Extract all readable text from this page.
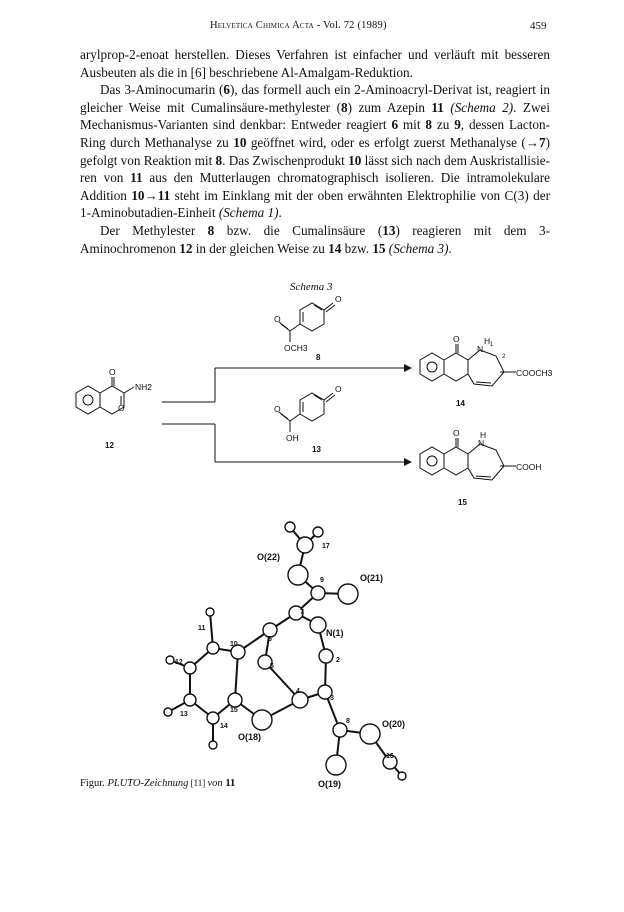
Helvetica Chimica Acta - Vol. 72 (1989)	459

arylprop-2-enoat herstellen. Dieses Verfahren ist einfacher und verläuft mit besseren Ausbeuten als die in [6] beschriebene Al-Amalgam-Reduktion.

Das 3-Aminocumarin (6), das formell auch ein 2-Aminoacryl-Derivat ist, reagiert in gleicher Weise mit Cumalinsäure-methylester (8) zum Azepin 11 (Schema 2). Zwei Mechanismus-Varianten sind denkbar: Entweder reagiert 6 mit 8 zu 9, dessen Lacton-Ring durch Methanalyse zu 10 geöffnet wird, oder es erfolgt zuerst Methanalyse (→7) gefolgt von Reaktion mit 8. Das Zwischenprodukt 10 lässt sich nach dem Auskristallisie-ren von 11 aus den Mutterlaugen chromatographisch isolieren. Die intramolekulare Addition 10→11 steht im Einklang mit der oben erwähnten Elektrophilie von C(3) der 1-Aminobutadien-Einheit (Schema 1).

Der Methylester 8 bzw. die Cumalinsäure (13) reagieren mit dem 3-Aminochromenon 12 in der gleichen Weise zu 14 bzw. 15 (Schema 3).

Schema 3
O
O
OCH3
O
O
OH
O
NH2
O
O
N
H 1
2
COOCH3
O
N
H
COOH
8
12	13
14
15
O(22)
17
9	O(21)
7
N(1)
6
11
10
5
2
12
4
3
15
13
14
O(18)
8	O(20)
16
O(19)
Figur. PLUTO-Zeichnung [11] von 11
